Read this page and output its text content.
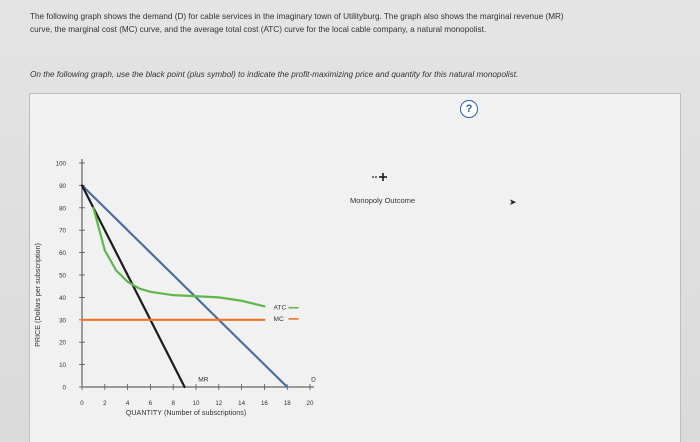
The following graph shows the demand (D) for cable services in the imaginary town of Utilityburg. The graph also shows the marginal revenue (MR)
curve, the marginal cost (MC) curve, and the average total cost (ATC) curve for the local cable company, a natural monopolist.
On the following graph, use the black point (plus symbol) to indicate the profit-maximizing price and quantity for this natural monopolist.
?
0
10
20
30
40
50
60
70
80
90
100
0	2	4	6	8	10	12	14	16	18	20
QUANTITY (Number of subscriptions)
PRICE (Dollars per subscription)	ATC
MC
MR	D
Monopoly Outcome	➤
